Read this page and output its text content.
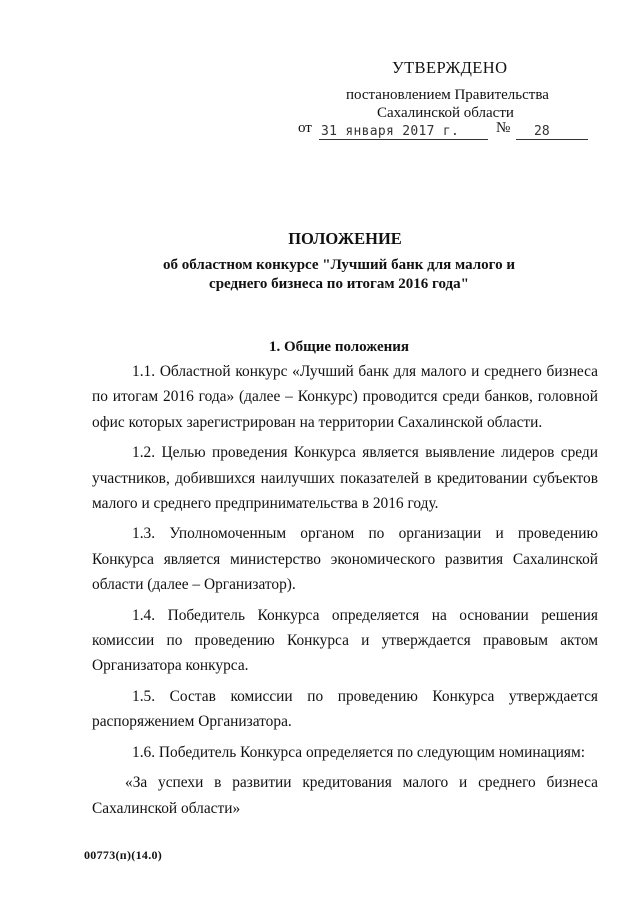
УТВЕРЖДЕНО
постановлением Правительства
Сахалинской области
от 31 января 2017 г.	№	28
ПОЛОЖЕНИЕ
об областном конкурсе "Лучший банк для малого и
среднего бизнеса по итогам 2016 года"
1. Общие положения

1.1. Областной конкурс «Лучший банк для малого и среднего бизнеса по итогам 2016 года» (далее – Конкурс) проводится среди банков, головной офис которых зарегистрирован на территории Сахалинской области.

1.2. Целью проведения Конкурса является выявление лидеров среди участников, добившихся наилучших показателей в кредитовании субъектов малого и среднего предпринимательства в 2016 году.

1.3. Уполномоченным органом по организации и проведению Конкурса является министерство экономического развития Сахалинской области (далее – Организатор).

1.4. Победитель Конкурса определяется на основании решения комиссии по проведению Конкурса и утверждается правовым актом Организатора конкурса.

1.5. Состав комиссии по проведению Конкурса утверждается распоряжением Организатора.

1.6. Победитель Конкурса определяется по следующим номинациям:

«За успехи в развитии кредитования малого и среднего бизнеса Сахалинской области»

00773(п)(14.0)
